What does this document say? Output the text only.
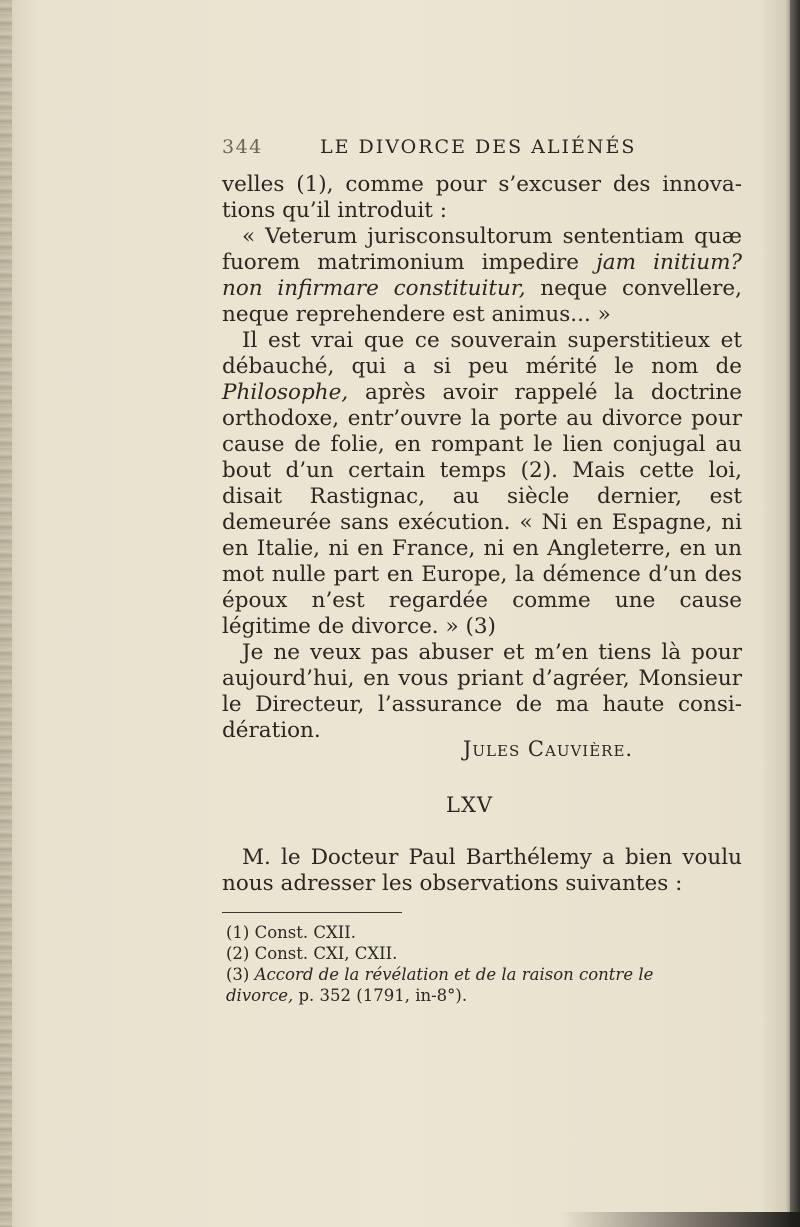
344	LE DIVORCE DES ALIÉNÉS

velles (1), comme pour s’excuser des innova-tions qu’il introduit :

« Veterum jurisconsultorum sententiam quæ fuorem matrimonium impedire jam initium? non infirmare constituitur, neque convellere, neque reprehendere est animus... »

Il est vrai que ce souverain superstitieux et débauché, qui a si peu mérité le nom de Philosophe, après avoir rappelé la doctrine orthodoxe, entr’ouvre la porte au divorce pour cause de folie, en rompant le lien conjugal au bout d’un certain temps (2). Mais cette loi, disait Rastignac, au siècle dernier, est demeurée sans exécution. « Ni en Espagne, ni en Italie, ni en France, ni en Angleterre, en un mot nulle part en Europe, la démence d’un des époux n’est regardée comme une cause légitime de divorce. » (3)

Je ne veux pas abuser et m’en tiens là pour aujourd’hui, en vous priant d’agréer, Monsieur le Directeur, l’assurance de ma haute consi-dération.

Jules Cauvière.
LXV

M. le Docteur Paul Barthélemy a bien voulu nous adresser les observations suivantes :

(1) Const. CXII.
(2) Const. CXI, CXII.
(3) Accord de la révélation et de la raison contre le
divorce, p. 352 (1791, in-8°).
